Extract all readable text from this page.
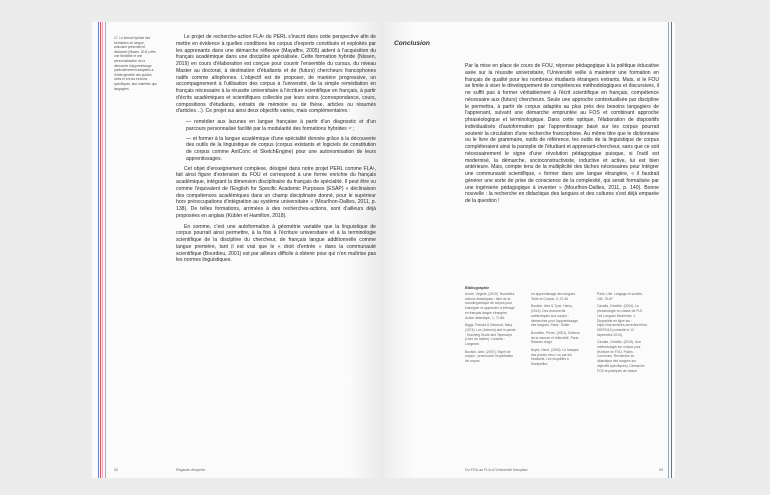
17. Le format hybride des formations en langue, articulant présentiel et distanciel (Nissen, 2011) offre une flexibilité et une personnalisation de la démarche d'apprentissage particulièrement adaptées à l'hétérogénéité des publics visés et à leurs besoins spécifiques, tant matériels que langagiers.

Le projet de recherche-action FLA¹ du PERL s'inscrit dans cette perspective afin de mettre en évidence à quelles conditions les corpus d'experts constitués et exploités par les apprenants dans une démarche réflexive (Mayaffre, 2005) aident à l'acquisition du français académique dans une discipline spécialisée. Cette formation hybride (Nissen, 2019) en cours d'élaboration est conçue pour couvrir l'ensemble du cursus, du niveau Master au doctorat, à destination d'étudiants et de (futurs) chercheurs francophones natifs comme allophones. L'objectif est de proposer, de manière progressive, un accompagnement à l'utilisation des corpus à l'université, de la simple remédiation en français nécessaire à la réussite universitaire à l'écriture scientifique en français, à partir d'écrits académiques et scientifiques collectés par leurs soins (correspondance, cours, compositions d'étudiants, extraits de mémoire ou de thèse, articles ou résumés d'articles…). Ce projet sui ainsi deux objectifs variés, mais complémentaires :

— remédier aux lacunes en langue française à partir d'un diagnostic et d'un parcours personnalisé facilité par la modularité des formations hybrides ¹⁷ ;

— et former à la langue académique d'une spécialité donnée grâce à la découverte des outils de la linguistique de corpus (corpus existants et logiciels de constitution de corpus comme AntConc et SketchEngine) pour une autonomisation de leurs apprentissages.

Cet objet d'enseignement complexe, désigné dans notre projet PERL comme FLA¹, fait ainsi figure d'extension du FOU et correspond à une forme enrichie du français académique, intégrant la dimension disciplinaire du français de spécialité. Il peut être vu comme l'équivalent de l'English for Specific Academic Purposes (ESAP) « déclinaison des compétences académiques dans un champ disciplinaire donné, pour le supérieur hors préoccupations d'intégration au système universitaire » (Mourlhon-Dallies, 2011, p. 138). De telles formations, arrimées à des recherches-actions, sont d'ailleurs déjà proposées en anglais (Kübler et Hamilton, 2018).

En somme, c'est une autoformation à géométrie variable que la linguistique de corpus pourrait ainsi permettre, à la fois à l'écriture universitaire et à la terminologie scientifique de la discipline du chercheur, de français langue additionnelle comme langue première, tant il est vrai que le « droit d'entrée » dans la communauté scientifique (Bourdieu, 2001) est par ailleurs difficile à obtenir pour qui n'en maîtrise pas les normes linguistiques.

52	Regards d'experts
Conclusion

Par la mise en place de cours de FOU, réponse pédagogique à la politique éducative axée sur la réussite universitaire, l'Université veille à maintenir une formation en français de qualité pour les nombreux étudiants étrangers entrants. Mais, si le FOU se limite à viser le développement de compétences méthodologiques et discursives, il ne suffit pas à former véritablement à l'écrit scientifique en français, compétence nécessaire aux (futurs) chercheurs. Seule une approche contextualisée par discipline le permettra, à partir de corpus adaptés au plus près des besoins langagiers de l'apprenant, suivant une démarche empruntée au FOS et combinant approche phraséologique et terminologique. Dans cette optique, l'élaboration de dispositifs individualisés d'autoformation par l'apprentissage basé sur les corpus pourrait soutenir la circulation d'une recherche francophone. Au même titre que le dictionnaire ou le livre de grammaire, outils de référence, les outils de la linguistique de corpus compléteraient ainsi la panoplie de l'étudiant et apprenant-chercheur, sans que ce soit nécessairement le signe d'une révolution pédagogique puisque, si l'outil est modernisé, la démarche, socioconstructiviste, inductive et active, lui est bien antérieure. Mais, compte tenu de la multiplicité des tâches nécessaires pour intégrer une communauté scientifique, « former dans une langue étrangère, « il faudrait générer une sorte de prise de conscience de la complexité, qui serait formalisée par une ingénierie pédagogique à inventer » (Mourlhon-Dallies, 2011, p. 140). Bonne nouvelle : la recherche en didactique des langues et des cultures s'est déjà emparée de la question !

Bibliographie

André, Virginie. (2019). Nouvelles actions didactiques : faire de la sociolinguistique de corpus pour enseigner et apprendre à interagir en français langue étrangère. Action didactique, 1, 71-86.

Biggs, Patricia & Delwood, Mary. (1974). Les (Interest) and in parole : Teaching Guide and Tapescript (Livre du maître). Londres : Longman.

Boulton, Alex. (2007). Esprit de corpus : promouvoir l'exploitation de corpus

en apprentissage des langues. Texte et Corpus, 3, 37-46.

Boulton, Alex & Tyne, Henry. (2014). Des documents authentiques aux corpus : démarches pour l'apprentissage des langues. Paris : Didier.

Bourdieu, Pierre. (2001). Science de la science et réflexivité. Paris : Raisons d'agir.

Boyer, Henri. (2000). Le français des jeunes vécu / vu par les étudiants. Les enquêtes à Montpellier,

Paris, Lille. Langage et société, 106, 75-87.

Cavalla, Cristelle. (2004). La phraséologie en classe de FLE. Les Langues Modernes, 1. Disponible en ligne sur : https://hal.archives-ouvertes.fr/hal-00979119 (consulté le 12 septembre 2019).

Cavalla, Cristelle. (2019). Une méthodologie sur corpus pour l'écriture en FOU. Points Communs. Recherche en didactique des langues sur objectifs spécifiques). Démarche FOS et pratiques de classe.

Du FOU au FLA à l'Université française	53
